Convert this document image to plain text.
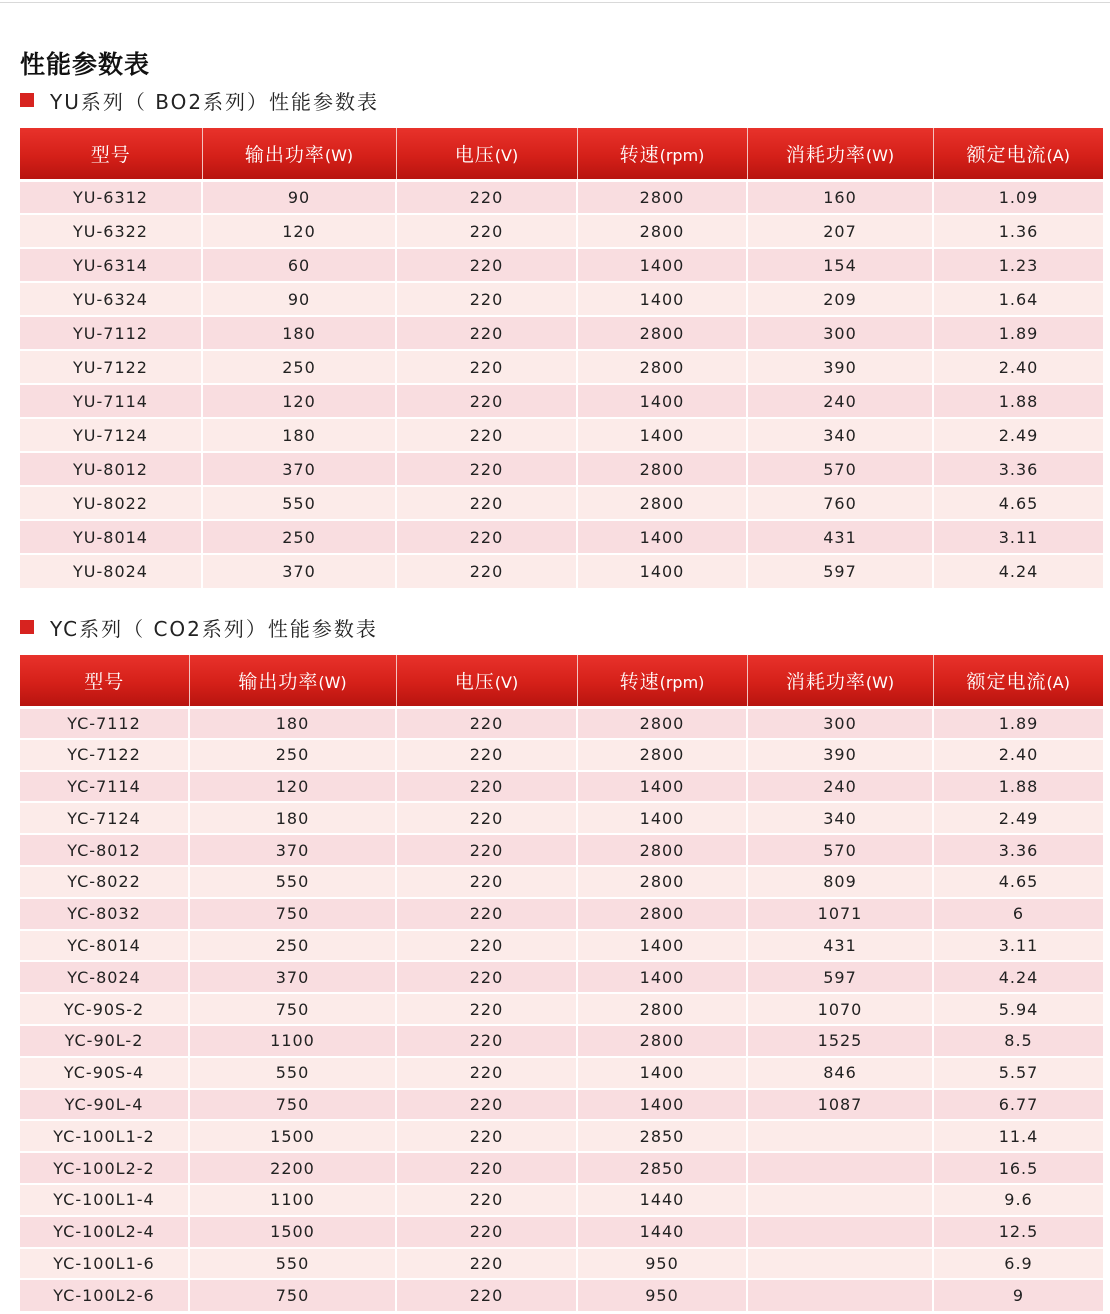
性能参数表
YU系列（ BO2系列）性能参数表
型号	输出功率(W)	电压(V)	转速(rpm)	消耗功率(W)	额定电流(A)
YU-6312	90	220	2800	160	1.09
YU-6322	120	220	2800	207	1.36
YU-6314	60	220	1400	154	1.23
YU-6324	90	220	1400	209	1.64
YU-7112	180	220	2800	300	1.89
YU-7122	250	220	2800	390	2.40
YU-7114	120	220	1400	240	1.88
YU-7124	180	220	1400	340	2.49
YU-8012	370	220	2800	570	3.36
YU-8022	550	220	2800	760	4.65
YU-8014	250	220	1400	431	3.11
YU-8024	370	220	1400	597	4.24
YC系列（ CO2系列）性能参数表
型号	输出功率(W)	电压(V)	转速(rpm)	消耗功率(W)	额定电流(A)
YC-7112	180	220	2800	300	1.89
YC-7122	250	220	2800	390	2.40
YC-7114	120	220	1400	240	1.88
YC-7124	180	220	1400	340	2.49
YC-8012	370	220	2800	570	3.36
YC-8022	550	220	2800	809	4.65
YC-8032	750	220	2800	1071	6
YC-8014	250	220	1400	431	3.11
YC-8024	370	220	1400	597	4.24
YC-90S-2	750	220	2800	1070	5.94
YC-90L-2	1100	220	2800	1525	8.5
YC-90S-4	550	220	1400	846	5.57
YC-90L-4	750	220	1400	1087	6.77
YC-100L1-2	1500	220	2850		11.4
YC-100L2-2	2200	220	2850		16.5
YC-100L1-4	1100	220	1440		9.6
YC-100L2-4	1500	220	1440		12.5
YC-100L1-6	550	220	950		6.9
YC-100L2-6	750	220	950		9
